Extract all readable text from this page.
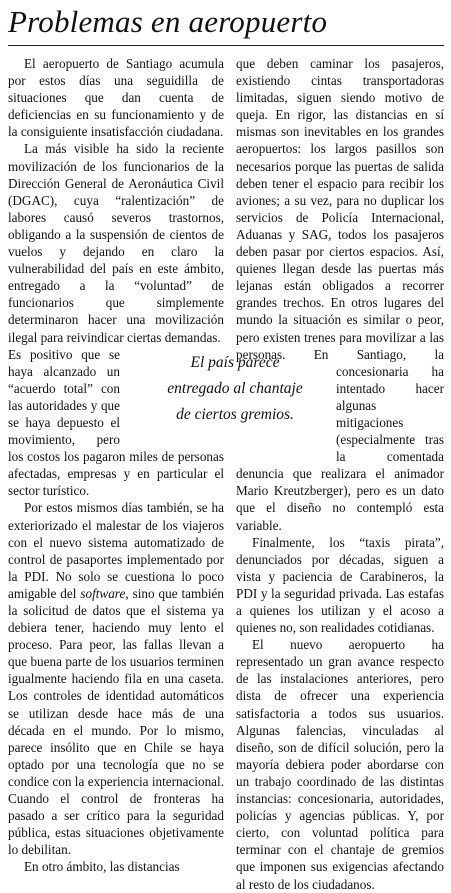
Problemas en aeropuerto

El aeropuerto de Santiago acumula por estos días una seguidilla de situaciones que dan cuenta de deficiencias en su funcionamiento y de la consiguiente insatisfacción ciudadana.

La más visible ha sido la reciente movilización de los funcionarios de la Dirección General de Aeronáutica Civil (DGAC), cuya “ralentización” de labores causó severos trastornos, obligando a la suspensión de cientos de vuelos y dejando en claro la vulnerabilidad del país en este ámbito, entregado a la “voluntad” de funcionarios que simplemente determinaron hacer una movilización ilegal para reivindicar ciertas demandas.

Es positivo que se haya alcanzado un “acuerdo total” con las autoridades y que se haya depuesto el movimiento, pero los costos los pagaron miles de personas afectadas, empresas y en particular el sector turístico.

Por estos mismos días también, se ha exteriorizado el malestar de los viajeros con el nuevo sistema automatizado de control de pasaportes implementado por la PDI. No solo se cuestiona lo poco amigable del software, sino que también la solicitud de datos que el sistema ya debiera tener, haciendo muy lento el proceso. Para peor, las fallas llevan a que buena parte de los usuarios terminen igualmente haciendo fila en una caseta. Los controles de identidad automáticos se utilizan desde hace más de una década en el mundo. Por lo mismo, parece insólito que en Chile se haya optado por una tecnología que no se condice con la experiencia internacional. Cuando el control de fronteras ha pasado a ser crítico para la seguridad pública, estas situaciones objetivamente lo debilitan.

En otro ámbito, las distancias

que deben caminar los pasajeros, existiendo cintas transportadoras limitadas, siguen siendo motivo de queja. En rigor, las distancias en sí mismas son inevitables en los grandes aeropuertos: los largos pasillos son necesarios porque las puertas de salida deben tener el espacio para recibir los aviones; a su vez, para no duplicar los servicios de Policía Internacional, Aduanas y SAG, todos los pasajeros deben pasar por ciertos espacios. Así, quienes llegan desde las puertas más lejanas están obligados a recorrer grandes trechos. En otros lugares del mundo la situación es similar o peor, pero existen trenes para movilizar a las personas. En Santiago,
la concesionaria ha intentado hacer algunas mitigaciones (especialmente tras la comentada denuncia que realizara el animador Mario Kreutzberger), pero es un dato que el diseño no contempló esta variable.

Finalmente, los “taxis pirata”, denunciados por décadas, siguen a vista y paciencia de Carabineros, la PDI y la seguridad privada. Las estafas a quienes los utilizan y el acoso a quienes no, son realidades cotidianas.

El nuevo aeropuerto ha representado un gran avance respecto de las instalaciones anteriores, pero dista de ofrecer una experiencia satisfactoria a todos sus usuarios. Algunas falencias, vinculadas al diseño, son de difícil solución, pero la mayoría debiera poder abordarse con un trabajo coordinado de las distintas instancias: concesionaria, autoridades, policías y agencias públicas. Y, por cierto, con voluntad política para terminar con el chantaje de gremios que imponen sus exigencias afectando al resto de los ciudadanos.

El país parece
entregado al chantaje
de ciertos gremios.
